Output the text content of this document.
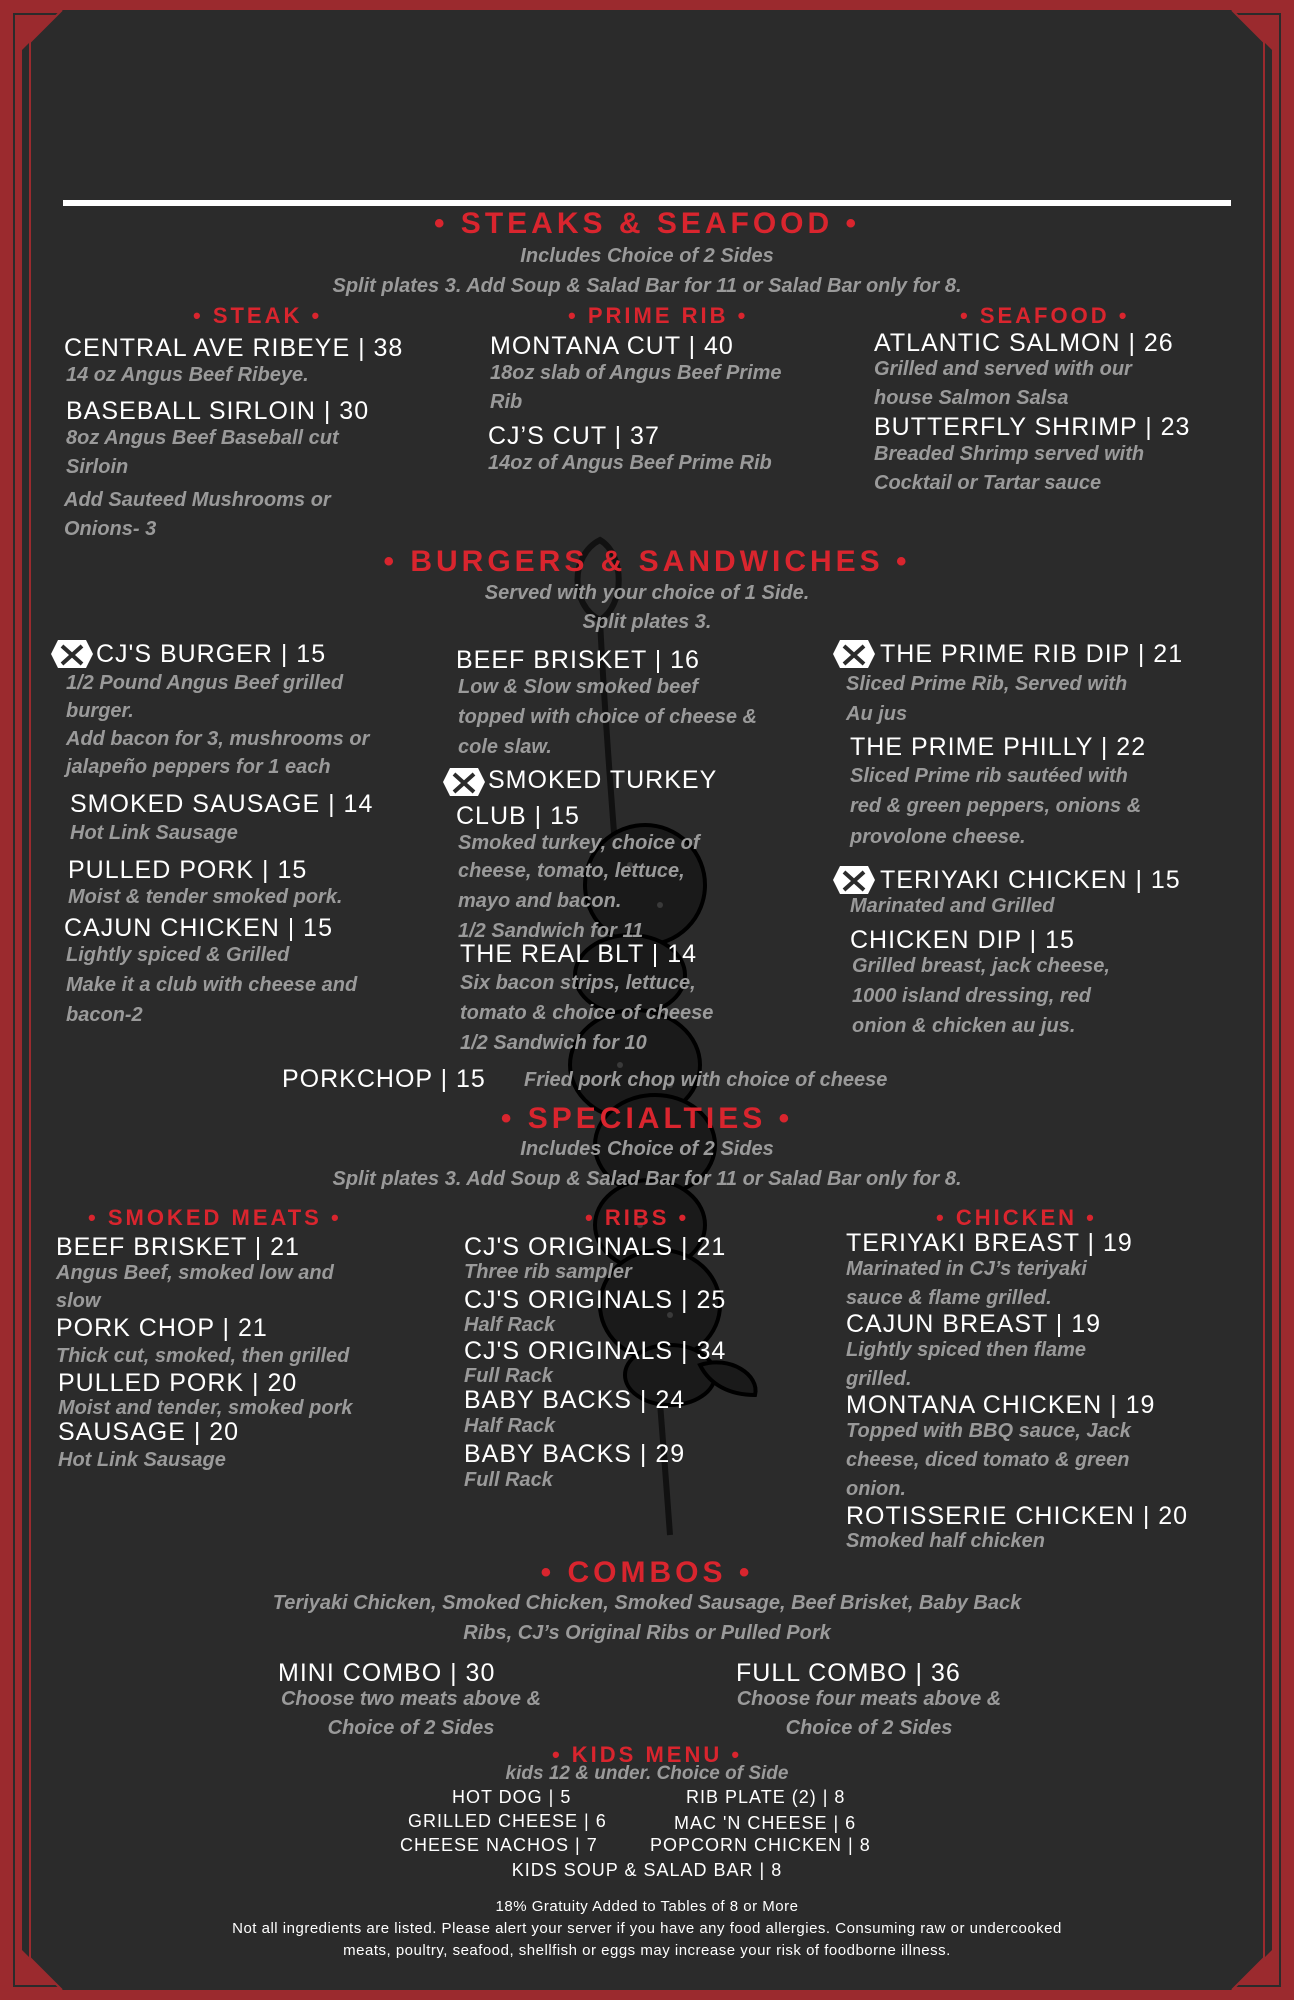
• STEAKS & SEAFOOD •
Includes Choice of 2 Sides
Split plates 3. Add Soup & Salad Bar for 11 or Salad Bar only for 8.
• STEAK •
CENTRAL AVE RIBEYE | 38
14 oz Angus Beef Ribeye.
BASEBALL SIRLOIN | 30
8oz Angus Beef Baseball cut
Sirloin
Add Sauteed Mushrooms or
Onions- 3
• PRIME RIB •
MONTANA CUT | 40
18oz slab of Angus Beef Prime
Rib
CJ’S CUT | 37
14oz of Angus Beef Prime Rib
• SEAFOOD •
ATLANTIC SALMON | 26
Grilled and served with our
house Salmon Salsa
BUTTERFLY SHRIMP | 23
Breaded Shrimp served with
Cocktail or Tartar sauce
• BURGERS & SANDWICHES •
Served with your choice of 1 Side.
Split plates 3.
CJ'S BURGER | 15
1/2 Pound Angus Beef grilled
burger.
Add bacon for 3, mushrooms or
jalapeño peppers for 1 each
SMOKED SAUSAGE | 14
Hot Link Sausage
PULLED PORK | 15
Moist & tender smoked pork.
CAJUN CHICKEN | 15
Lightly spiced & Grilled
Make it a club with cheese and
bacon-2
BEEF BRISKET | 16
Low & Slow smoked beef
topped with choice of cheese &
cole slaw.
SMOKED TURKEY
CLUB | 15
Smoked turkey, choice of
cheese, tomato, lettuce,
mayo and bacon.
1/2 Sandwich for 11
THE REAL BLT | 14
Six bacon strips, lettuce,
tomato & choice of cheese
1/2 Sandwich for 10
THE PRIME RIB DIP | 21
Sliced Prime Rib, Served with
Au jus
THE PRIME PHILLY | 22
Sliced Prime rib sautéed with
red & green peppers, onions &
provolone cheese.
TERIYAKI CHICKEN | 15
Marinated and Grilled
CHICKEN DIP | 15
Grilled breast, jack cheese,
1000 island dressing, red
onion & chicken au jus.
PORKCHOP | 15 Fried pork chop with choice of cheese
• SPECIALTIES •
Includes Choice of 2 Sides
Split plates 3. Add Soup & Salad Bar for 11 or Salad Bar only for 8.
• SMOKED MEATS •
BEEF BRISKET | 21
Angus Beef, smoked low and
slow
PORK CHOP | 21
Thick cut, smoked, then grilled
PULLED PORK | 20
Moist and tender, smoked pork
SAUSAGE | 20
Hot Link Sausage
• RIBS •
CJ'S ORIGINALS | 21
Three rib sampler
CJ'S ORIGINALS | 25
Half Rack
CJ'S ORIGINALS | 34
Full Rack
BABY BACKS | 24
Half Rack
BABY BACKS | 29
Full Rack
• CHICKEN •
TERIYAKI BREAST | 19
Marinated in CJ’s teriyaki
sauce & flame grilled.
CAJUN BREAST | 19
Lightly spiced then flame
grilled.
MONTANA CHICKEN | 19
Topped with BBQ sauce, Jack
cheese, diced tomato & green
onion.
ROTISSERIE CHICKEN | 20
Smoked half chicken
• COMBOS •
Teriyaki Chicken, Smoked Chicken, Smoked Sausage, Beef Brisket, Baby Back
Ribs, CJ’s Original Ribs or Pulled Pork
MINI COMBO | 30
Choose two meats above &
Choice of 2 Sides
FULL COMBO | 36
Choose four meats above &
Choice of 2 Sides
• KIDS MENU •
kids 12 & under. Choice of Side
HOT DOG | 5	RIB PLATE (2) | 8
GRILLED CHEESE | 6	MAC 'N CHEESE | 6
CHEESE NACHOS | 7	POPCORN CHICKEN | 8
KIDS SOUP & SALAD BAR | 8
18% Gratuity Added to Tables of 8 or More
Not all ingredients are listed. Please alert your server if you have any food allergies. Consuming raw or undercooked
meats, poultry, seafood, shellfish or eggs may increase your risk of foodborne illness.
